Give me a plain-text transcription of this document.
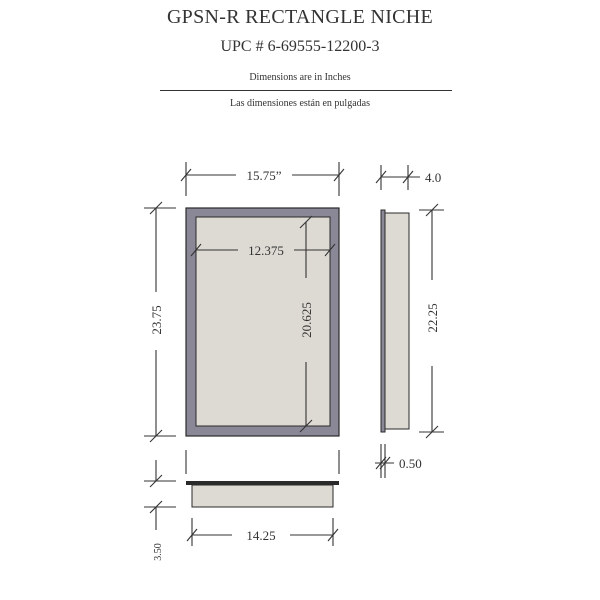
GPSN-R RECTANGLE NICHE
UPC # 6-69555-12200-3
Dimensions are in Inches
Las dimensiones están en pulgadas
15.75”
12.375
20.625
23.75
4.0
22.25
0.50
14.25
3.50
